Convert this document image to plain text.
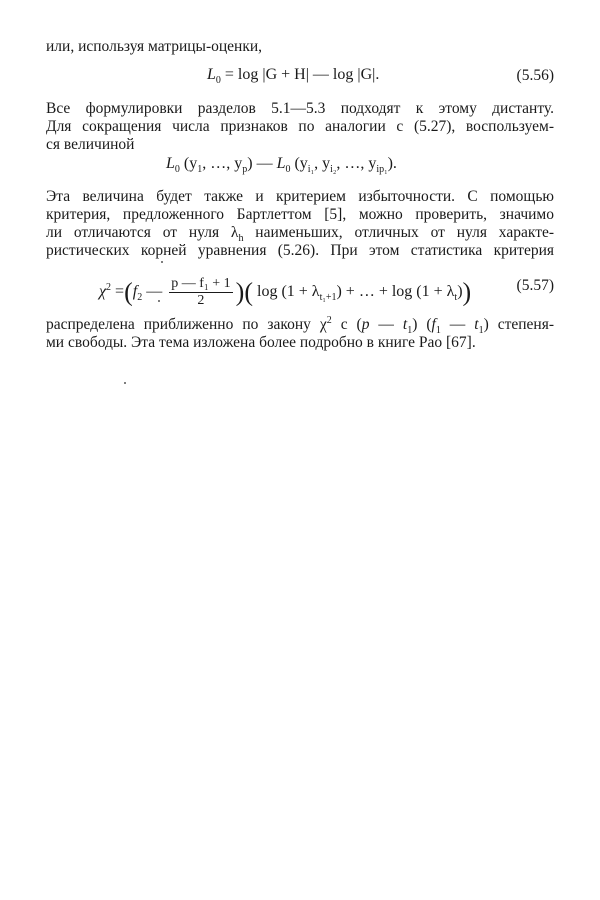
или, используя матрицы-оценки,
$L_0 = \log |G + H|$ — log |G|.	(5.56)
Все формулировки разделов 5.1—5.3 подходят к этому дистанту.
Для сокращения числа признаков по аналогии с (5.27), воспользуем-
ся величиной
$L_0$ ($y_1$, …, $y_p$) — $L_0$ ($y_{i_1}$, $y_{i_2}$, …, $y_{ip_1}$).
Эта величина будет также и критерием избыточности. С помощью
критерия, предложенного Бартлеттом [5], можно проверить, значимо
ли отличаются от нуля $\lambda_h$ наименьших, отличных от нуля характе-
ристических корней уравнения (5.26). При этом статистика критерия
$\chi^2 =(f_2$ — $\frac{\text{p — f₁ + 1}}{2}$ )( $\log (1 + \lambda_{t_1+1})$ + … + $\log (1 + \lambda_t)$)	(5.57)
распределена приближенно по закону $\chi^2$ с (p — $t_1$) ($f_1$ — $t_1$) степеня-
ми свободы. Эта тема изложена более подробно в книге Рао [67].
